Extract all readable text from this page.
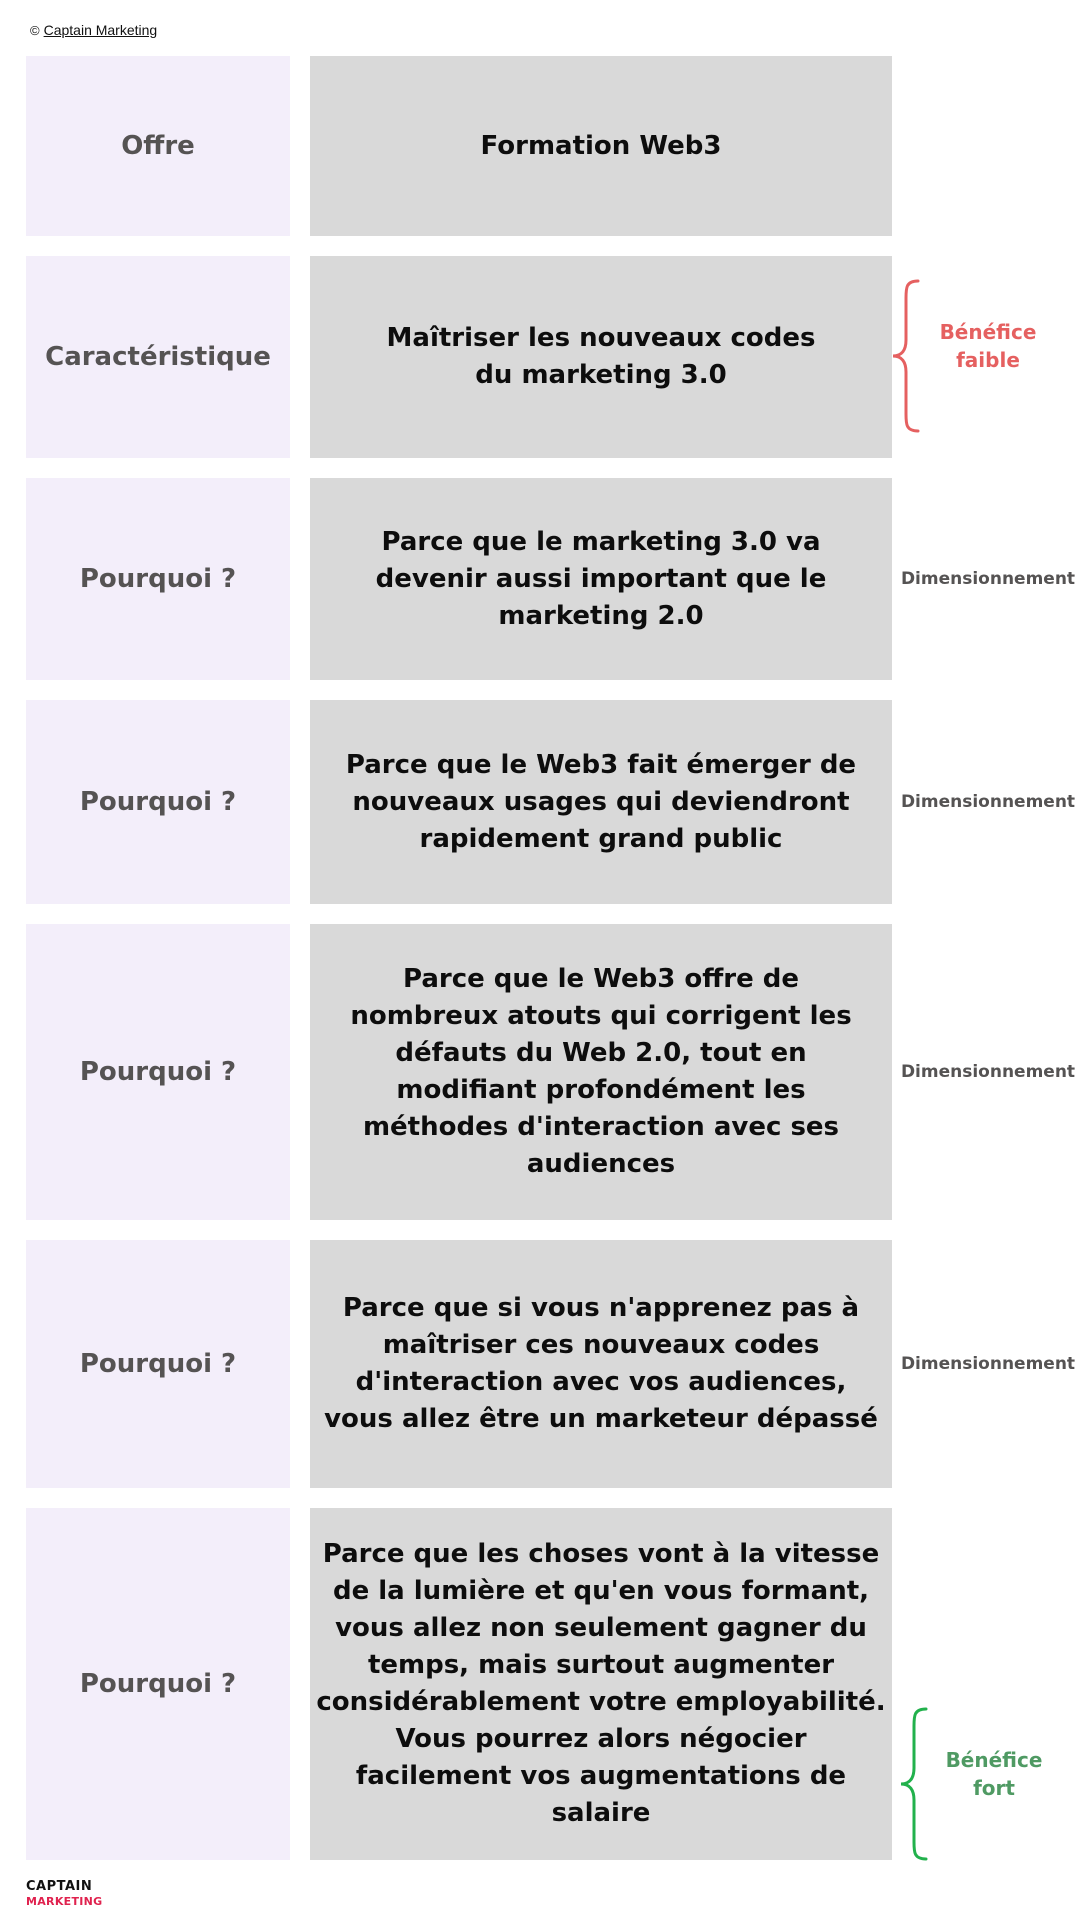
© Captain Marketing
Offre	Formation Web3
Caractéristique
Maîtriser les nouveaux codes du marketing 3.0
Pourquoi ?
Parce que le marketing 3.0 va devenir aussi important que le marketing 2.0
Dimensionnement
Pourquoi ?
Parce que le Web3 fait émerger de nouveaux usages qui deviendront rapidement grand public
Dimensionnement
Pourquoi ?
Parce que le Web3 offre de nombreux atouts qui corrigent les défauts du Web 2.0, tout en modifiant profondément les méthodes d'interaction avec ses audiences
Dimensionnement
Pourquoi ?
Parce que si vous n'apprenez pas à maîtriser ces nouveaux codes d'interaction avec vos audiences, vous allez être un marketeur dépassé
Dimensionnement
Pourquoi ?
Parce que les choses vont à la vitesse de la lumière et qu'en vous formant, vous allez non seulement gagner du temps, mais surtout augmenter considérablement votre employabilité. Vous pourrez alors négocier facilement vos augmentations de salaire
Bénéfice
faible
Bénéfice
fort
CAPTAIN
MARKETING
